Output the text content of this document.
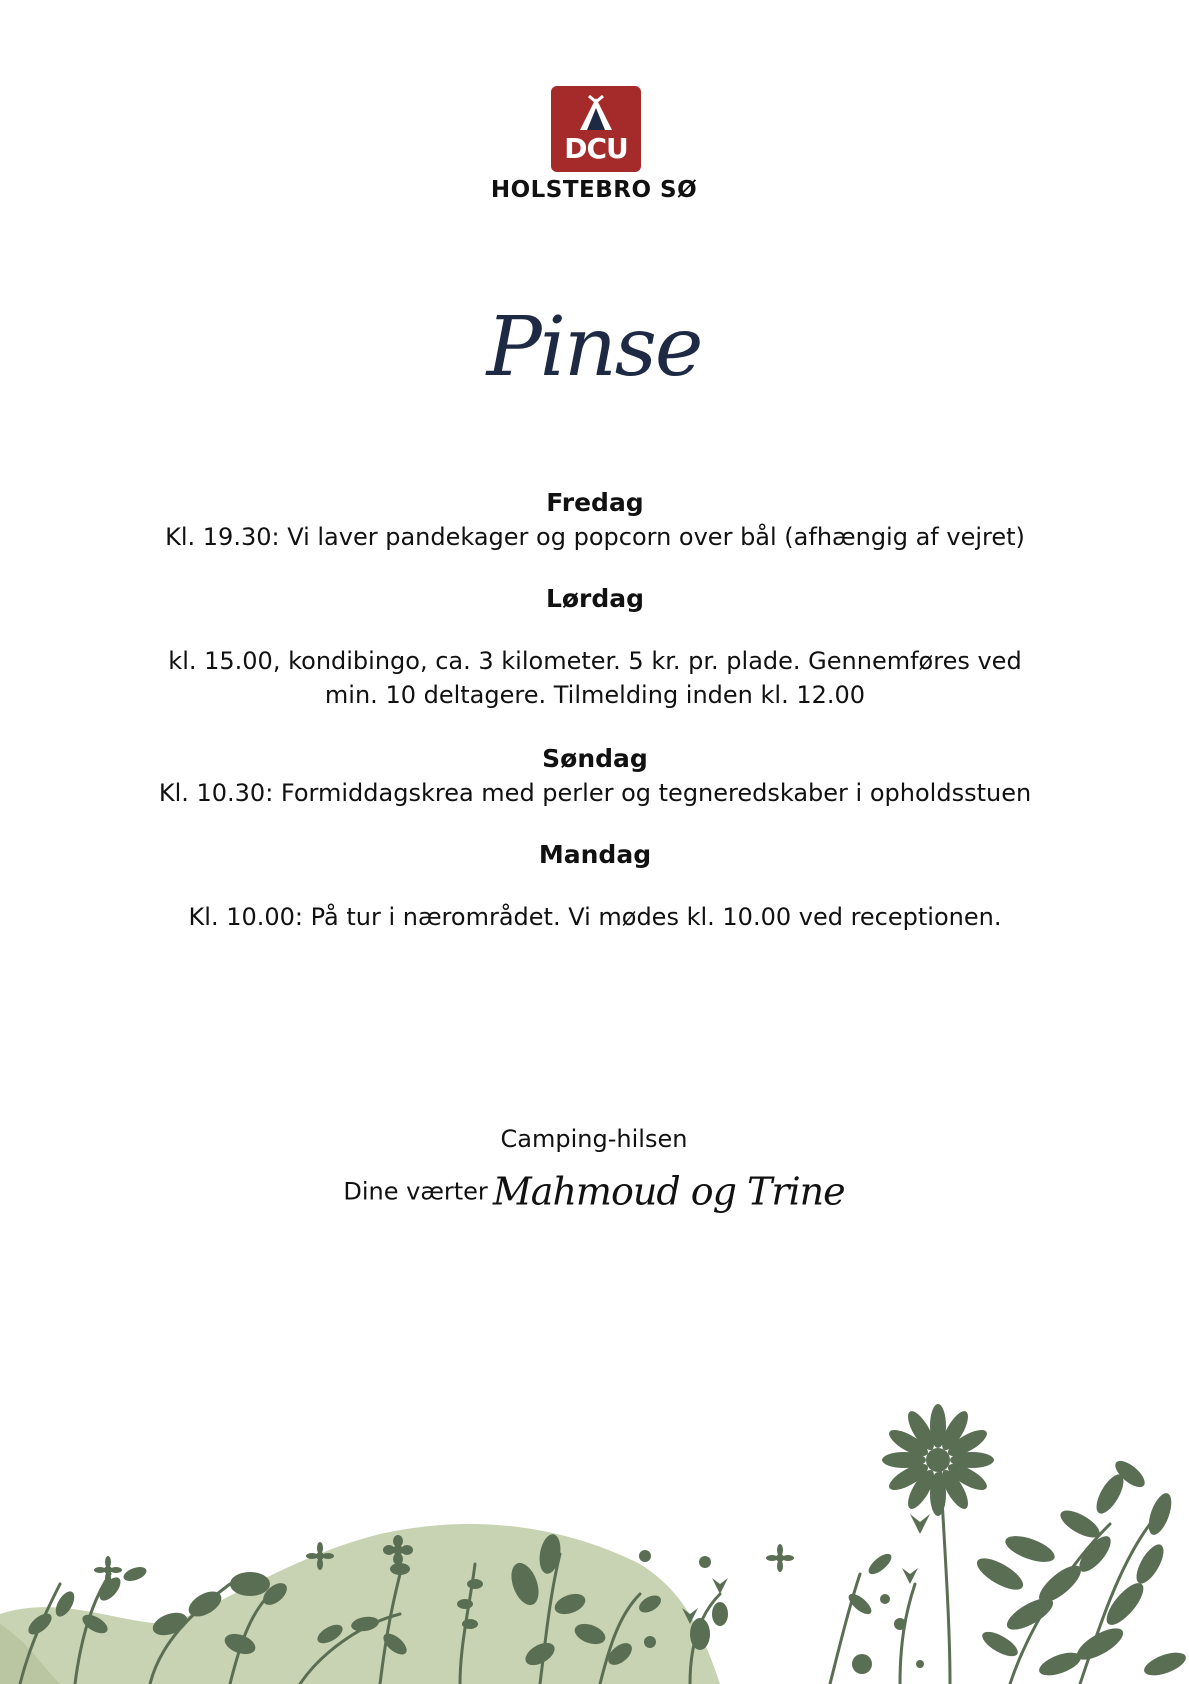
DCU
HOLSTEBRO SØ
Pinse

Fredag

Kl. 19.30: Vi laver pandekager og popcorn over bål (afhængig af vejret)

Lørdag

kl. 15.00, kondibingo, ca. 3 kilometer. 5 kr. pr. plade. Gennemføres ved

min. 10 deltagere. Tilmelding inden kl. 12.00

Søndag

Kl. 10.30: Formiddagskrea med perler og tegneredskaber i opholdsstuen

Mandag

Kl. 10.00: På tur i nærområdet. Vi mødes kl. 10.00 ved receptionen.

Camping-hilsen
Dine værter Mahmoud og Trine
